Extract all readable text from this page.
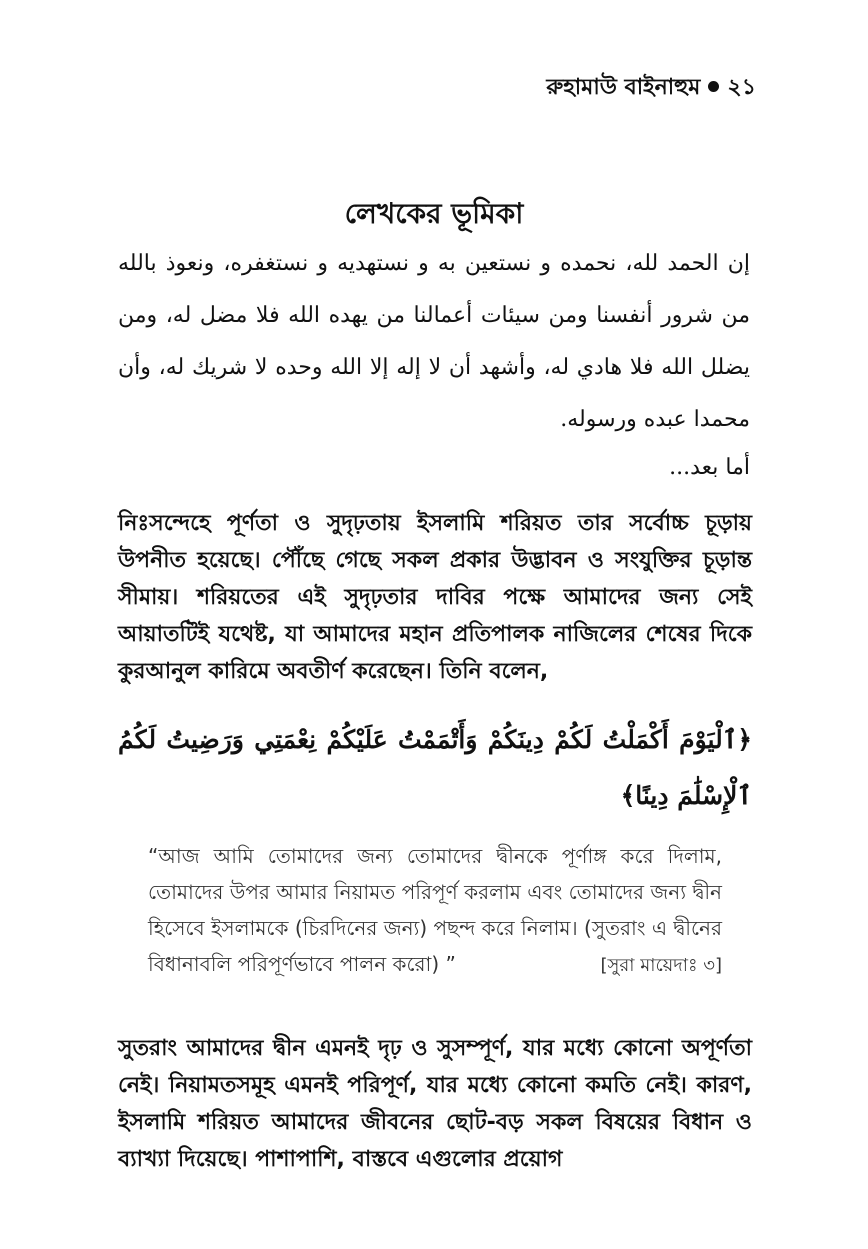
রুহামাউ বাইনাহুম ২১
লেখকের ভূমিকা
إن الحمد لله، نحمده و نستعين به و نستهديه و نستغفره، ونعوذ بالله من شرور أنفسنا ومن سيئات أعمالنا من يهده الله فلا مضل له، ومن يضلل الله فلا هادي له، وأشهد أن لا إله إلا الله وحده لا شريك له، وأن محمدا عبده ورسوله.
أما بعد...
নিঃসন্দেহে পূর্ণতা ও সুদৃঢ়তায় ইসলামি শরিয়ত তার সর্বোচ্চ চূড়ায় উপনীত হয়েছে। পৌঁছে গেছে সকল প্রকার উদ্ভাবন ও সংযুক্তির চূড়ান্ত সীমায়। শরিয়তের এই সুদৃঢ়তার দাবির পক্ষে আমাদের জন্য সেই আয়াতটিই যথেষ্ট, যা আমাদের মহান প্রতিপালক নাজিলের শেষের দিকে কুরআনুল কারিমে অবতীর্ণ করেছেন। তিনি বলেন,
﴿ٱلْيَوْمَ أَكْمَلْتُ لَكُمْ دِينَكُمْ وَأَتْمَمْتُ عَلَيْكُمْ نِعْمَتِي وَرَضِيتُ لَكُمُ ٱلْإِسْلَٰمَ دِينًا﴾
“আজ আমি তোমাদের জন্য তোমাদের দ্বীনকে পূর্ণাঙ্গ করে দিলাম, তোমাদের উপর আমার নিয়ামত পরিপূর্ণ করলাম এবং তোমাদের জন্য দ্বীন হিসেবে ইসলামকে (চিরদিনের জন্য) পছন্দ করে নিলাম। (সুতরাং এ দ্বীনের বিধানাবলি পরিপূর্ণভাবে পালন করো) ”	[সুরা মায়েদাঃ ৩]
সুতরাং আমাদের দ্বীন এমনই দৃঢ় ও সুসম্পূর্ণ, যার মধ্যে কোনো অপূর্ণতা নেই। নিয়ামতসমূহ এমনই পরিপূর্ণ, যার মধ্যে কোনো কমতি নেই। কারণ, ইসলামি শরিয়ত আমাদের জীবনের ছোট-বড় সকল বিষয়ের বিধান ও ব্যাখ্যা দিয়েছে। পাশাপাশি, বাস্তবে এগুলোর প্রয়োগ
